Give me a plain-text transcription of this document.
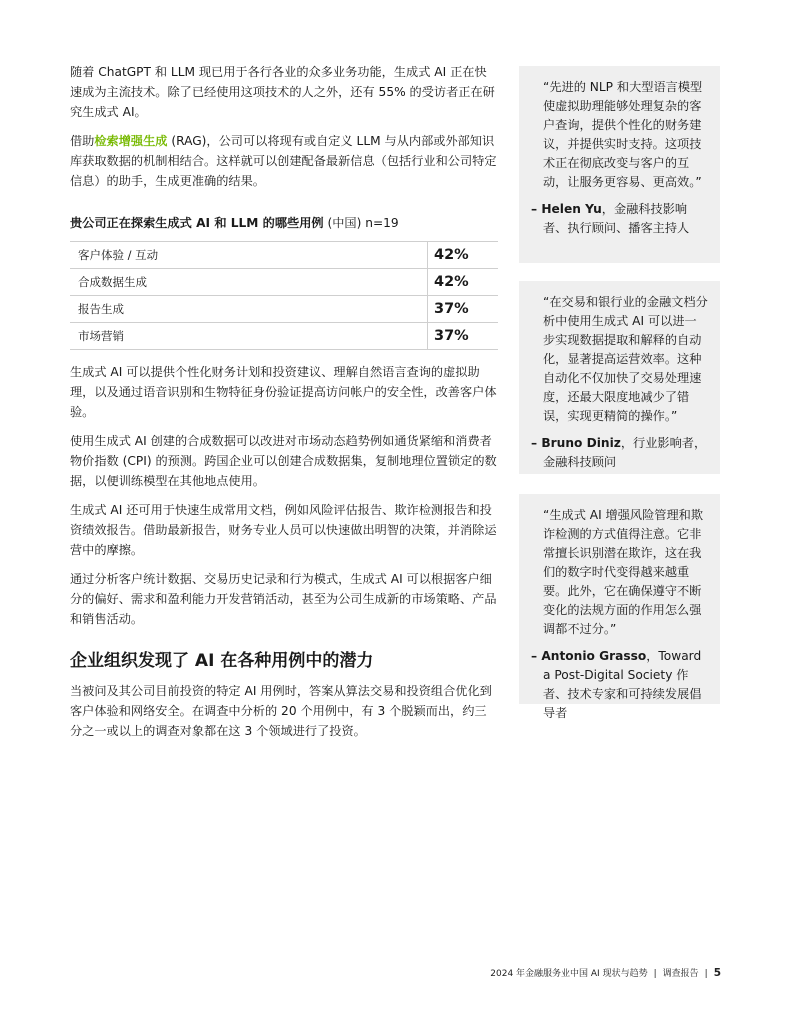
随着 ChatGPT 和 LLM 现已用于各行各业的众多业务功能，生成式 AI 正在快速成为主流技术。除了已经使用这项技术的人之外，还有 55% 的受访者正在研究生成式 AI。

借助检索增强生成 (RAG)，公司可以将现有或自定义 LLM 与从内部或外部知识库获取数据的机制相结合。这样就可以创建配备最新信息（包括行业和公司特定信息）的助手，生成更准确的结果。

贵公司正在探索生成式 AI 和 LLM 的哪些用例 (中国) n=19
客户体验 / 互动	42%
合成数据生成	42%
报告生成	37%
市场营销	37%

生成式 AI 可以提供个性化财务计划和投资建议、理解自然语言查询的虚拟助理，以及通过语音识别和生物特征身份验证提高访问帐户的安全性，改善客户体验。

使用生成式 AI 创建的合成数据可以改进对市场动态趋势例如通货紧缩和消费者物价指数 (CPI) 的预测。跨国企业可以创建合成数据集，复制地理位置锁定的数据，以便训练模型在其他地点使用。

生成式 AI 还可用于快速生成常用文档，例如风险评估报告、欺诈检测报告和投资绩效报告。借助最新报告，财务专业人员可以快速做出明智的决策，并消除运营中的摩擦。

通过分析客户统计数据、交易历史记录和行为模式，生成式 AI 可以根据客户细分的偏好、需求和盈利能力开发营销活动，甚至为公司生成新的市场策略、产品和销售活动。

企业组织发现了 AI 在各种用例中的潜力

当被问及其公司目前投资的特定 AI 用例时，答案从算法交易和投资组合优化到客户体验和网络安全。在调查中分析的 20 个用例中，有 3 个脱颖而出，约三分之一或以上的调查对象都在这 3 个领域进行了投资。

“先进的 NLP 和大型语言模型使虚拟助理能够处理复杂的客户查询，提供个性化的财务建议，并提供实时支持。这项技术正在彻底改变与客户的互动，让服务更容易、更高效。”

– Helen Yu，金融科技影响者、执行顾问、播客主持人

“在交易和银行业的金融文档分析中使用生成式 AI 可以进一步实现数据提取和解释的自动化，显著提高运营效率。这种自动化不仅加快了交易处理速度，还最大限度地减少了错误，实现更精简的操作。”

– Bruno Diniz，行业影响者，金融科技顾问

“生成式 AI 增强风险管理和欺诈检测的方式值得注意。它非常擅长识别潜在欺诈，这在我们的数字时代变得越来越重要。此外，它在确保遵守不断变化的法规方面的作用怎么强调都不过分。”

– Antonio Grasso，Toward a Post-Digital Society 作者、技术专家和可持续发展倡导者

2024 年金融服务业中国 AI 现状与趋势 | 调查报告 | 5
